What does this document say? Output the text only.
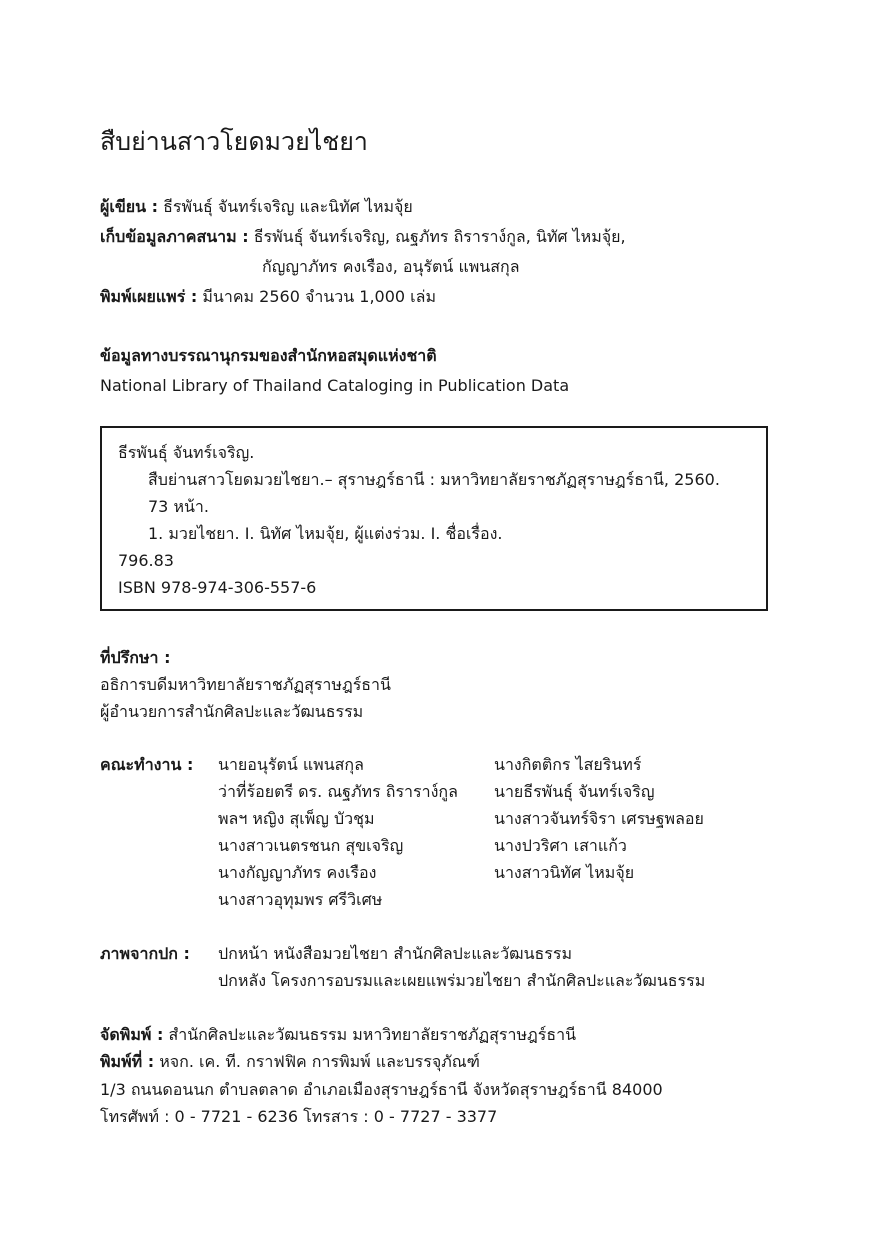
สืบย่านสาวโยดมวยไชยา
ผู้เขียน : ธีรพันธุ์ จันทร์เจริญ และนิทัศ ไหมจุ้ย
เก็บข้อมูลภาคสนาม : ธีรพันธุ์ จันทร์เจริญ, ณฐภัทร ถิราราง์กูล, นิทัศ ไหมจุ้ย,
กัญญาภัทร คงเรือง, อนุรัตน์ แพนสกุล
พิมพ์เผยแพร่ : มีนาคม 2560 จำนวน 1,000 เล่ม
ข้อมูลทางบรรณานุกรมของสำนักหอสมุดแห่งชาติ
National Library of Thailand Cataloging in Publication Data
ธีรพันธุ์ จันทร์เจริญ.
สืบย่านสาวโยดมวยไชยา.– สุราษฎร์ธานี : มหาวิทยาลัยราชภัฏสุราษฎร์ธานี, 2560.
73 หน้า.
1. มวยไชยา. I. นิทัศ ไหมจุ้ย, ผู้แต่งร่วม. I. ชื่อเรื่อง.
796.83
ISBN 978-974-306-557-6
ที่ปรึกษา :
อธิการบดีมหาวิทยาลัยราชภัฏสุราษฎร์ธานี
ผู้อำนวยการสำนักศิลปะและวัฒนธรรม
คณะทำงาน : นายอนุรัตน์ แพนสกุล
ว่าที่ร้อยตรี ดร. ณฐภัทร ถิราราง์กูล
พลฯ หญิง สุเพ็ญ บัวชุม
นางสาวเนตรชนก สุขเจริญ
นางกัญญาภัทร คงเรือง
นางสาวอุทุมพร ศรีวิเศษ
นางกิตติกร ไสยรินทร์
นายธีรพันธุ์ จันทร์เจริญ
นางสาวจันทร์จิรา เศรษฐพลอย
นางปวริศา เสาแก้ว
นางสาวนิทัศ ไหมจุ้ย
ภาพจากปก : ปกหน้า หนังสือมวยไชยา สำนักศิลปะและวัฒนธรรม
ปกหลัง โครงการอบรมและเผยแพร่มวยไชยา สำนักศิลปะและวัฒนธรรม
จัดพิมพ์ : สำนักศิลปะและวัฒนธรรม มหาวิทยาลัยราชภัฏสุราษฎร์ธานี
พิมพ์ที่ : หจก. เค. ที. กราฟฟิค การพิมพ์ และบรรจุภัณฑ์
1/3 ถนนดอนนก ตำบลตลาด อำเภอเมืองสุราษฎร์ธานี จังหวัดสุราษฎร์ธานี 84000
โทรศัพท์ : 0 - 7721 - 6236 โทรสาร : 0 - 7727 - 3377
